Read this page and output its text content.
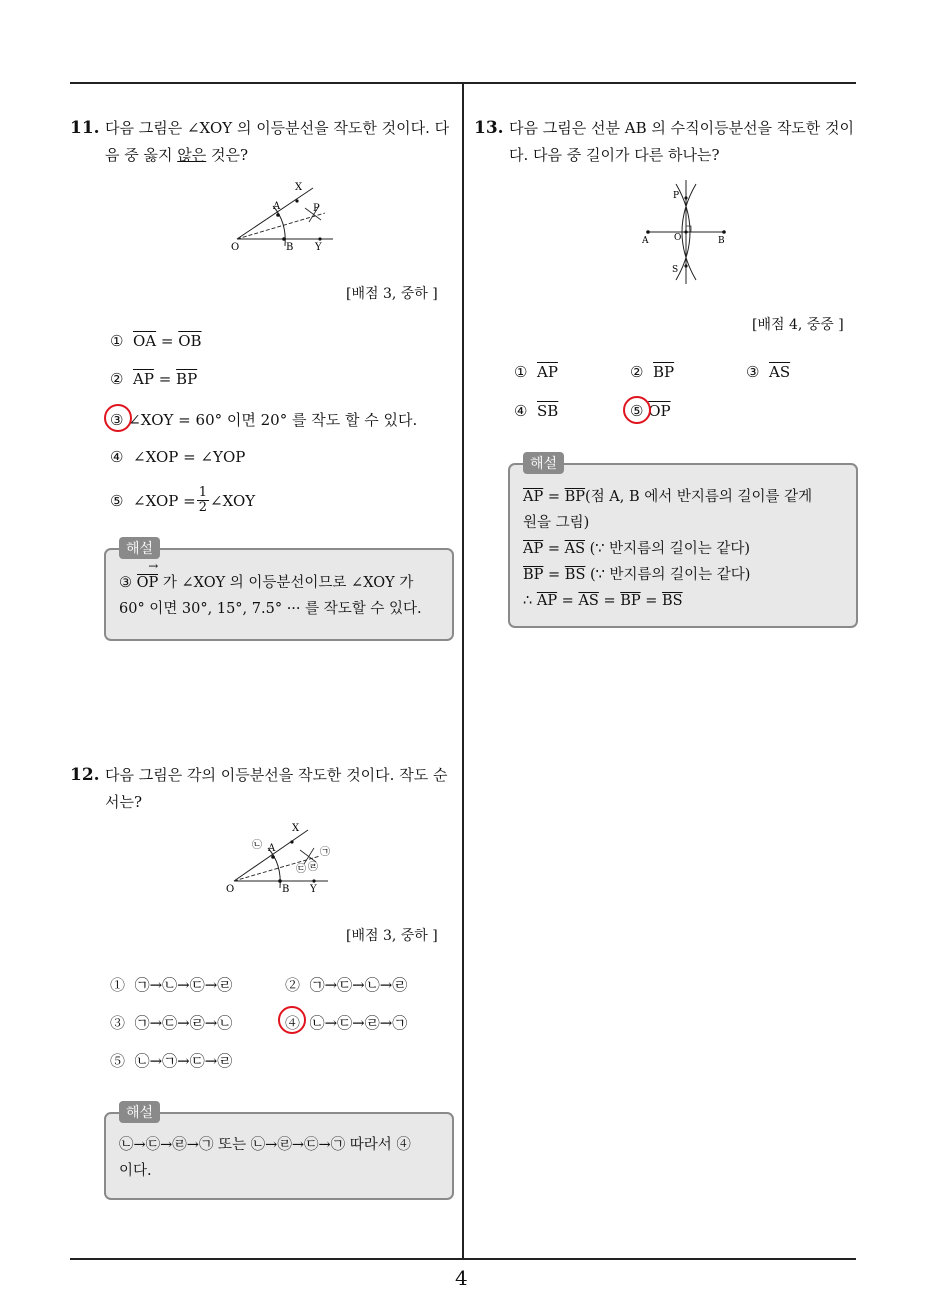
4
11. 다음 그림은 ∠XOY 의 이등분선을 작도한 것이다. 다
음 중 옳지 않은 것은?
X
A	P
O	B Y
[배점 3, 중하 ]
① $\overline{OA} = \overline{OB}$
② $\overline{AP} = \overline{BP}$
③ ∠XOY = 60° 이면 20° 를 작도 할 수 있다.
④ ∠XOP = ∠YOP
⑤
∠XOP = $\frac{1}{2}$ ∠XOY
③
→
OP 가 ∠XOY 의 이등분선이므로 ∠XOY 가
60° 이면 30°, 15°, 7.5° ··· 를 작도할 수 있다.
해설
12. 다음 그림은 각의 이등분선을 작도한 것이다. 작도 순
서는?
X
A
O	B Y
㉠
㉡
㉢ ㉣
[배점 3, 중하 ]
① ㉠→㉡→㉢→㉣	② ㉠→㉢→㉡→㉣
③ ㉠→㉢→㉣→㉡	④ ㉡→㉢→㉣→㉠
⑤ ㉡→㉠→㉢→㉣
㉡→㉢→㉣→㉠ 또는 ㉡→㉣→㉢→㉠ 따라서 ④
이다.
해설
13. 다음 그림은 선분 AB 의 수직이등분선을 작도한 것이
다. 다음 중 길이가 다른 하나는?
P
A	O	B
S
[배점 4, 중중 ]
① $\overline{AP}$	② $\overline{BP}$	③ $\overline{AS}$
④ $\overline{SB}$	⑤ $\overline{OP}$
$\overline{AP} = \overline{BP}$(점 A, B 에서 반지름의 길이를 같게
원을 그림)
$\overline{AP} = \overline{AS}$ (∵ 반지름의 길이는 같다)
$\overline{BP} = \overline{BS}$ (∵ 반지름의 길이는 같다)
∴ $\overline{AP} = \overline{AS} = \overline{BP} = \overline{BS}$
해설
